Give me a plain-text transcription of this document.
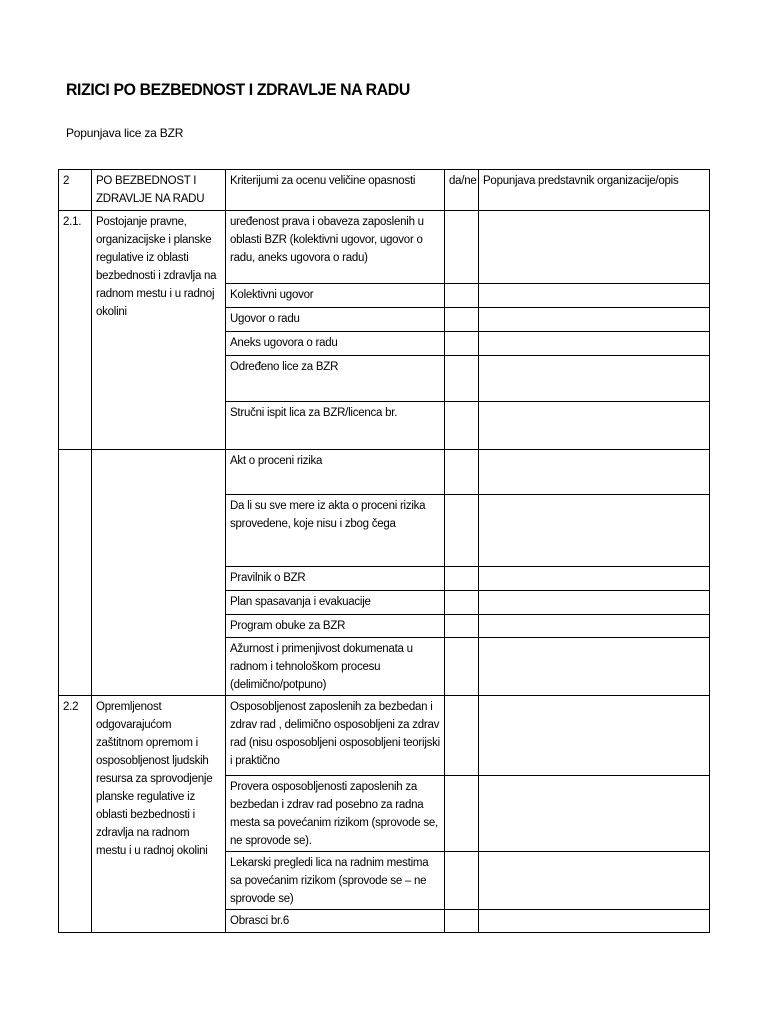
RIZICI PO BEZBEDNOST I ZDRAVLJE NA RADU
Popunjava lice za BZR
2	PO BEZBEDNOST I ZDRAVLJE NA RADU	Kriterijumi za ocenu veličine opasnosti	da/ne	Popunjava predstavnik organizacije/opis
2.1.	Postojanje pravne, organizacijske i planske regulative iz oblasti bezbednosti i zdravlja na radnom mestu i u radnoj okolini	uređenost prava i obaveza zaposlenih u oblasti BZR (kolektivni ugovor, ugovor o radu, aneks ugovora o radu)		
		Kolektivni ugovor		
		Ugovor o radu		
		Aneks ugovora o radu		
		Određeno lice za BZR		
		Stručni ispit lica za BZR/licenca br.		
		Akt o proceni rizika		
		Da li su sve mere iz akta o proceni rizika sprovedene, koje nisu i zbog čega		
		Pravilnik o BZR		
		Plan spasavanja i evakuacije		
		Program obuke za BZR		
		Ažurnost i primenjivost dokumenata u radnom i tehnološkom procesu (delimično/potpuno)		
2.2	Opremljenost odgovarajućom zaštitnom opremom i osposobljenost ljudskih resursa za sprovodjenje planske regulative iz oblasti bezbednosti i zdravlja na radnom mestu i u radnoj okolini	Osposobljenost zaposlenih za bezbedan i zdrav rad , delimično osposobljeni za zdrav rad (nisu osposobljeni osposobljeni teorijski i praktično		
		Provera osposobljenosti zaposlenih za bezbedan i zdrav rad posebno za radna mesta sa povećanim rizikom (sprovode se, ne sprovode se).		
		Lekarski pregledi lica na radnim mestima sa povećanim rizikom (sprovode se – ne sprovode se)		
		Obrasci br.6		
